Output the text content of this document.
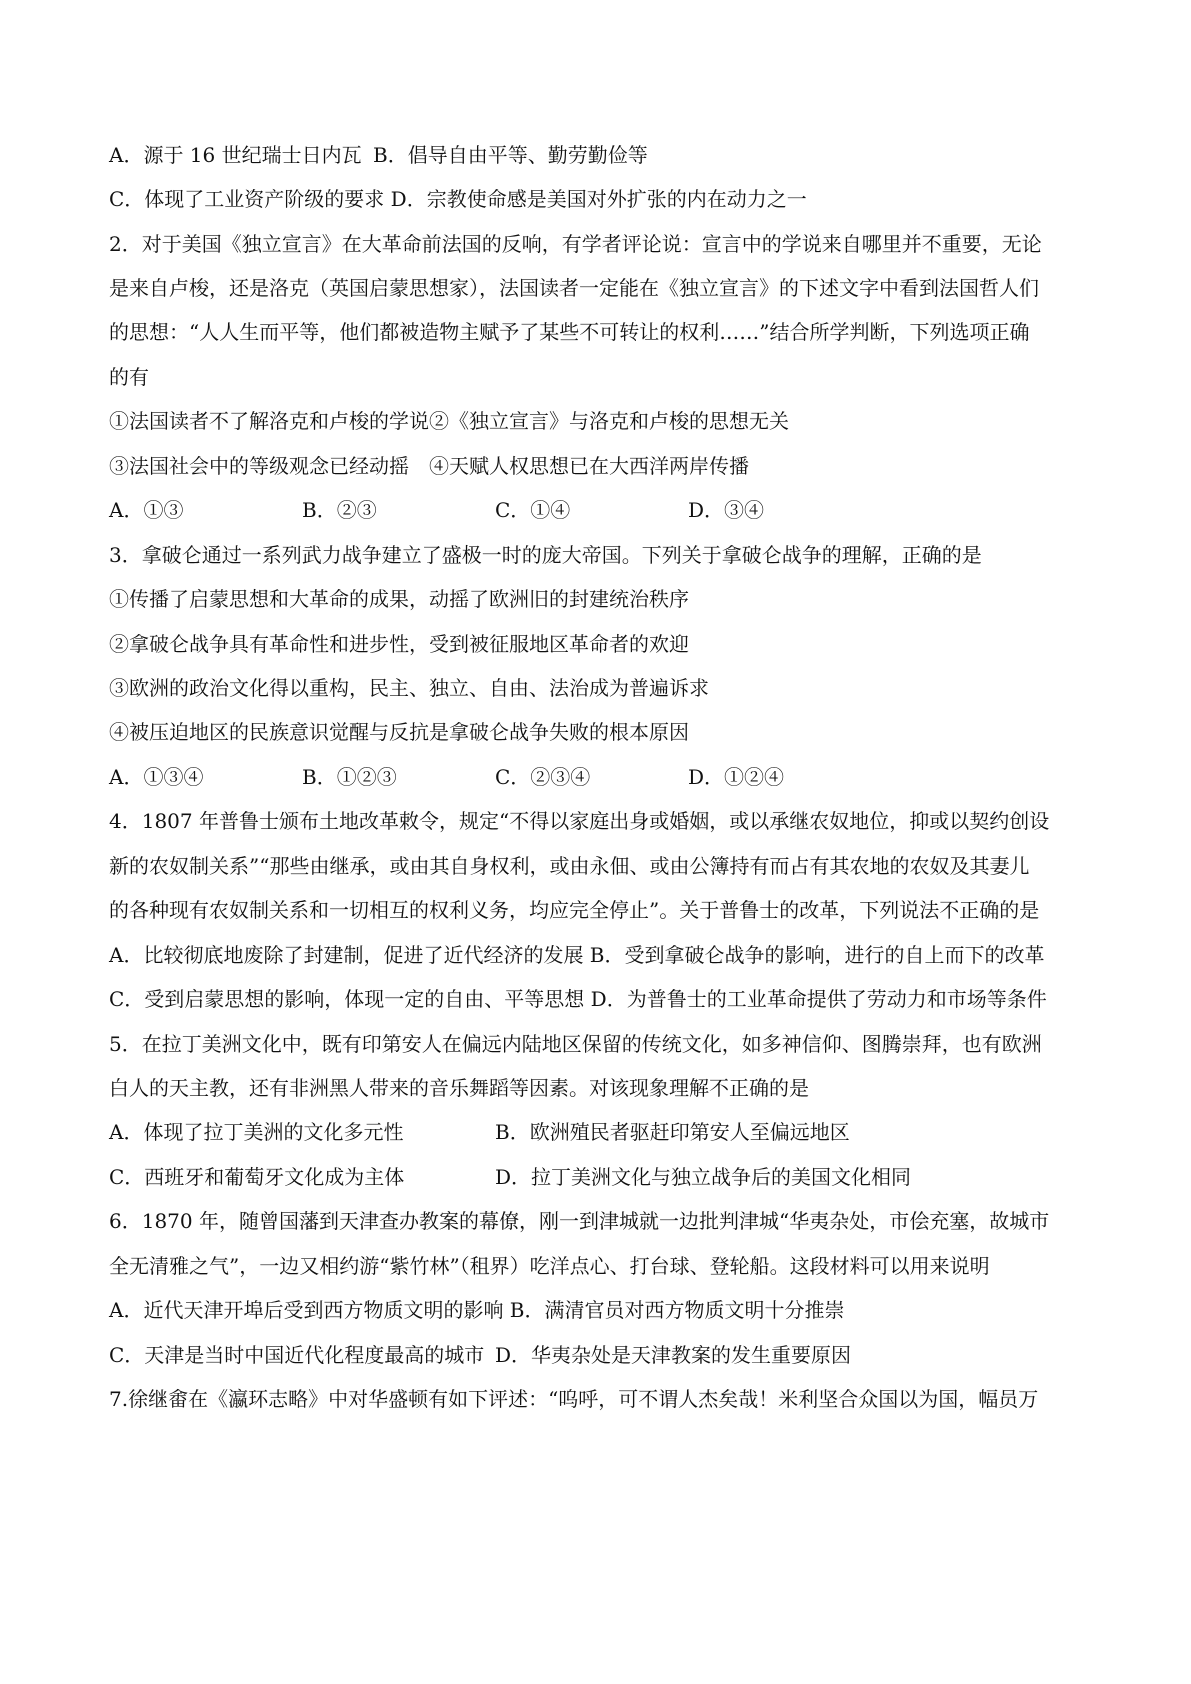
A．源于 16 世纪瑞士日内瓦 B．倡导自由平等、勤劳勤俭等
C．体现了工业资产阶级的要求 D．宗教使命感是美国对外扩张的内在动力之一
2．对于美国《独立宣言》在大革命前法国的反响，有学者评论说：宣言中的学说来自哪里并不重要，无论
是来自卢梭，还是洛克（英国启蒙思想家），法国读者一定能在《独立宣言》的下述文字中看到法国哲人们
的思想：“人人生而平等，他们都被造物主赋予了某些不可转让的权利……”结合所学判断，下列选项正确
的有
①法国读者不了解洛克和卢梭的学说②《独立宣言》与洛克和卢梭的思想无关
③法国社会中的等级观念已经动摇　④天赋人权思想已在大西洋两岸传播
A．①③	B．②③	C．①④	D．③④
3．拿破仑通过一系列武力战争建立了盛极一时的庞大帝国。下列关于拿破仑战争的理解，正确的是
①传播了启蒙思想和大革命的成果，动摇了欧洲旧的封建统治秩序
②拿破仑战争具有革命性和进步性，受到被征服地区革命者的欢迎
③欧洲的政治文化得以重构，民主、独立、自由、法治成为普遍诉求
④被压迫地区的民族意识觉醒与反抗是拿破仑战争失败的根本原因
A．①③④	B．①②③	C．②③④	D．①②④
4．1807 年普鲁士颁布土地改革敕令，规定“不得以家庭出身或婚姻，或以承继农奴地位，抑或以契约创设
新的农奴制关系”“那些由继承，或由其自身权利，或由永佃、或由公簿持有而占有其农地的农奴及其妻儿
的各种现有农奴制关系和一切相互的权利义务，均应完全停止”。关于普鲁士的改革，下列说法不正确的是
A．比较彻底地废除了封建制，促进了近代经济的发展 B．受到拿破仑战争的影响，进行的自上而下的改革
C．受到启蒙思想的影响，体现一定的自由、平等思想 D．为普鲁士的工业革命提供了劳动力和市场等条件
5．在拉丁美洲文化中，既有印第安人在偏远内陆地区保留的传统文化，如多神信仰、图腾崇拜，也有欧洲
白人的天主教，还有非洲黑人带来的音乐舞蹈等因素。对该现象理解不正确的是
A．体现了拉丁美洲的文化多元性	B．欧洲殖民者驱赶印第安人至偏远地区
C．西班牙和葡萄牙文化成为主体	D．拉丁美洲文化与独立战争后的美国文化相同
6．1870 年，随曾国藩到天津查办教案的幕僚，刚一到津城就一边批判津城“华夷杂处，市侩充塞，故城市
全无清雅之气”，一边又相约游“紫竹林”（租界）吃洋点心、打台球、登轮船。这段材料可以用来说明
A．近代天津开埠后受到西方物质文明的影响 B．满清官员对西方物质文明十分推崇
C．天津是当时中国近代化程度最高的城市 D．华夷杂处是天津教案的发生重要原因
7.徐继畬在《瀛环志略》中对华盛顿有如下评述：“呜呼，可不谓人杰矣哉！米利坚合众国以为国，幅员万
